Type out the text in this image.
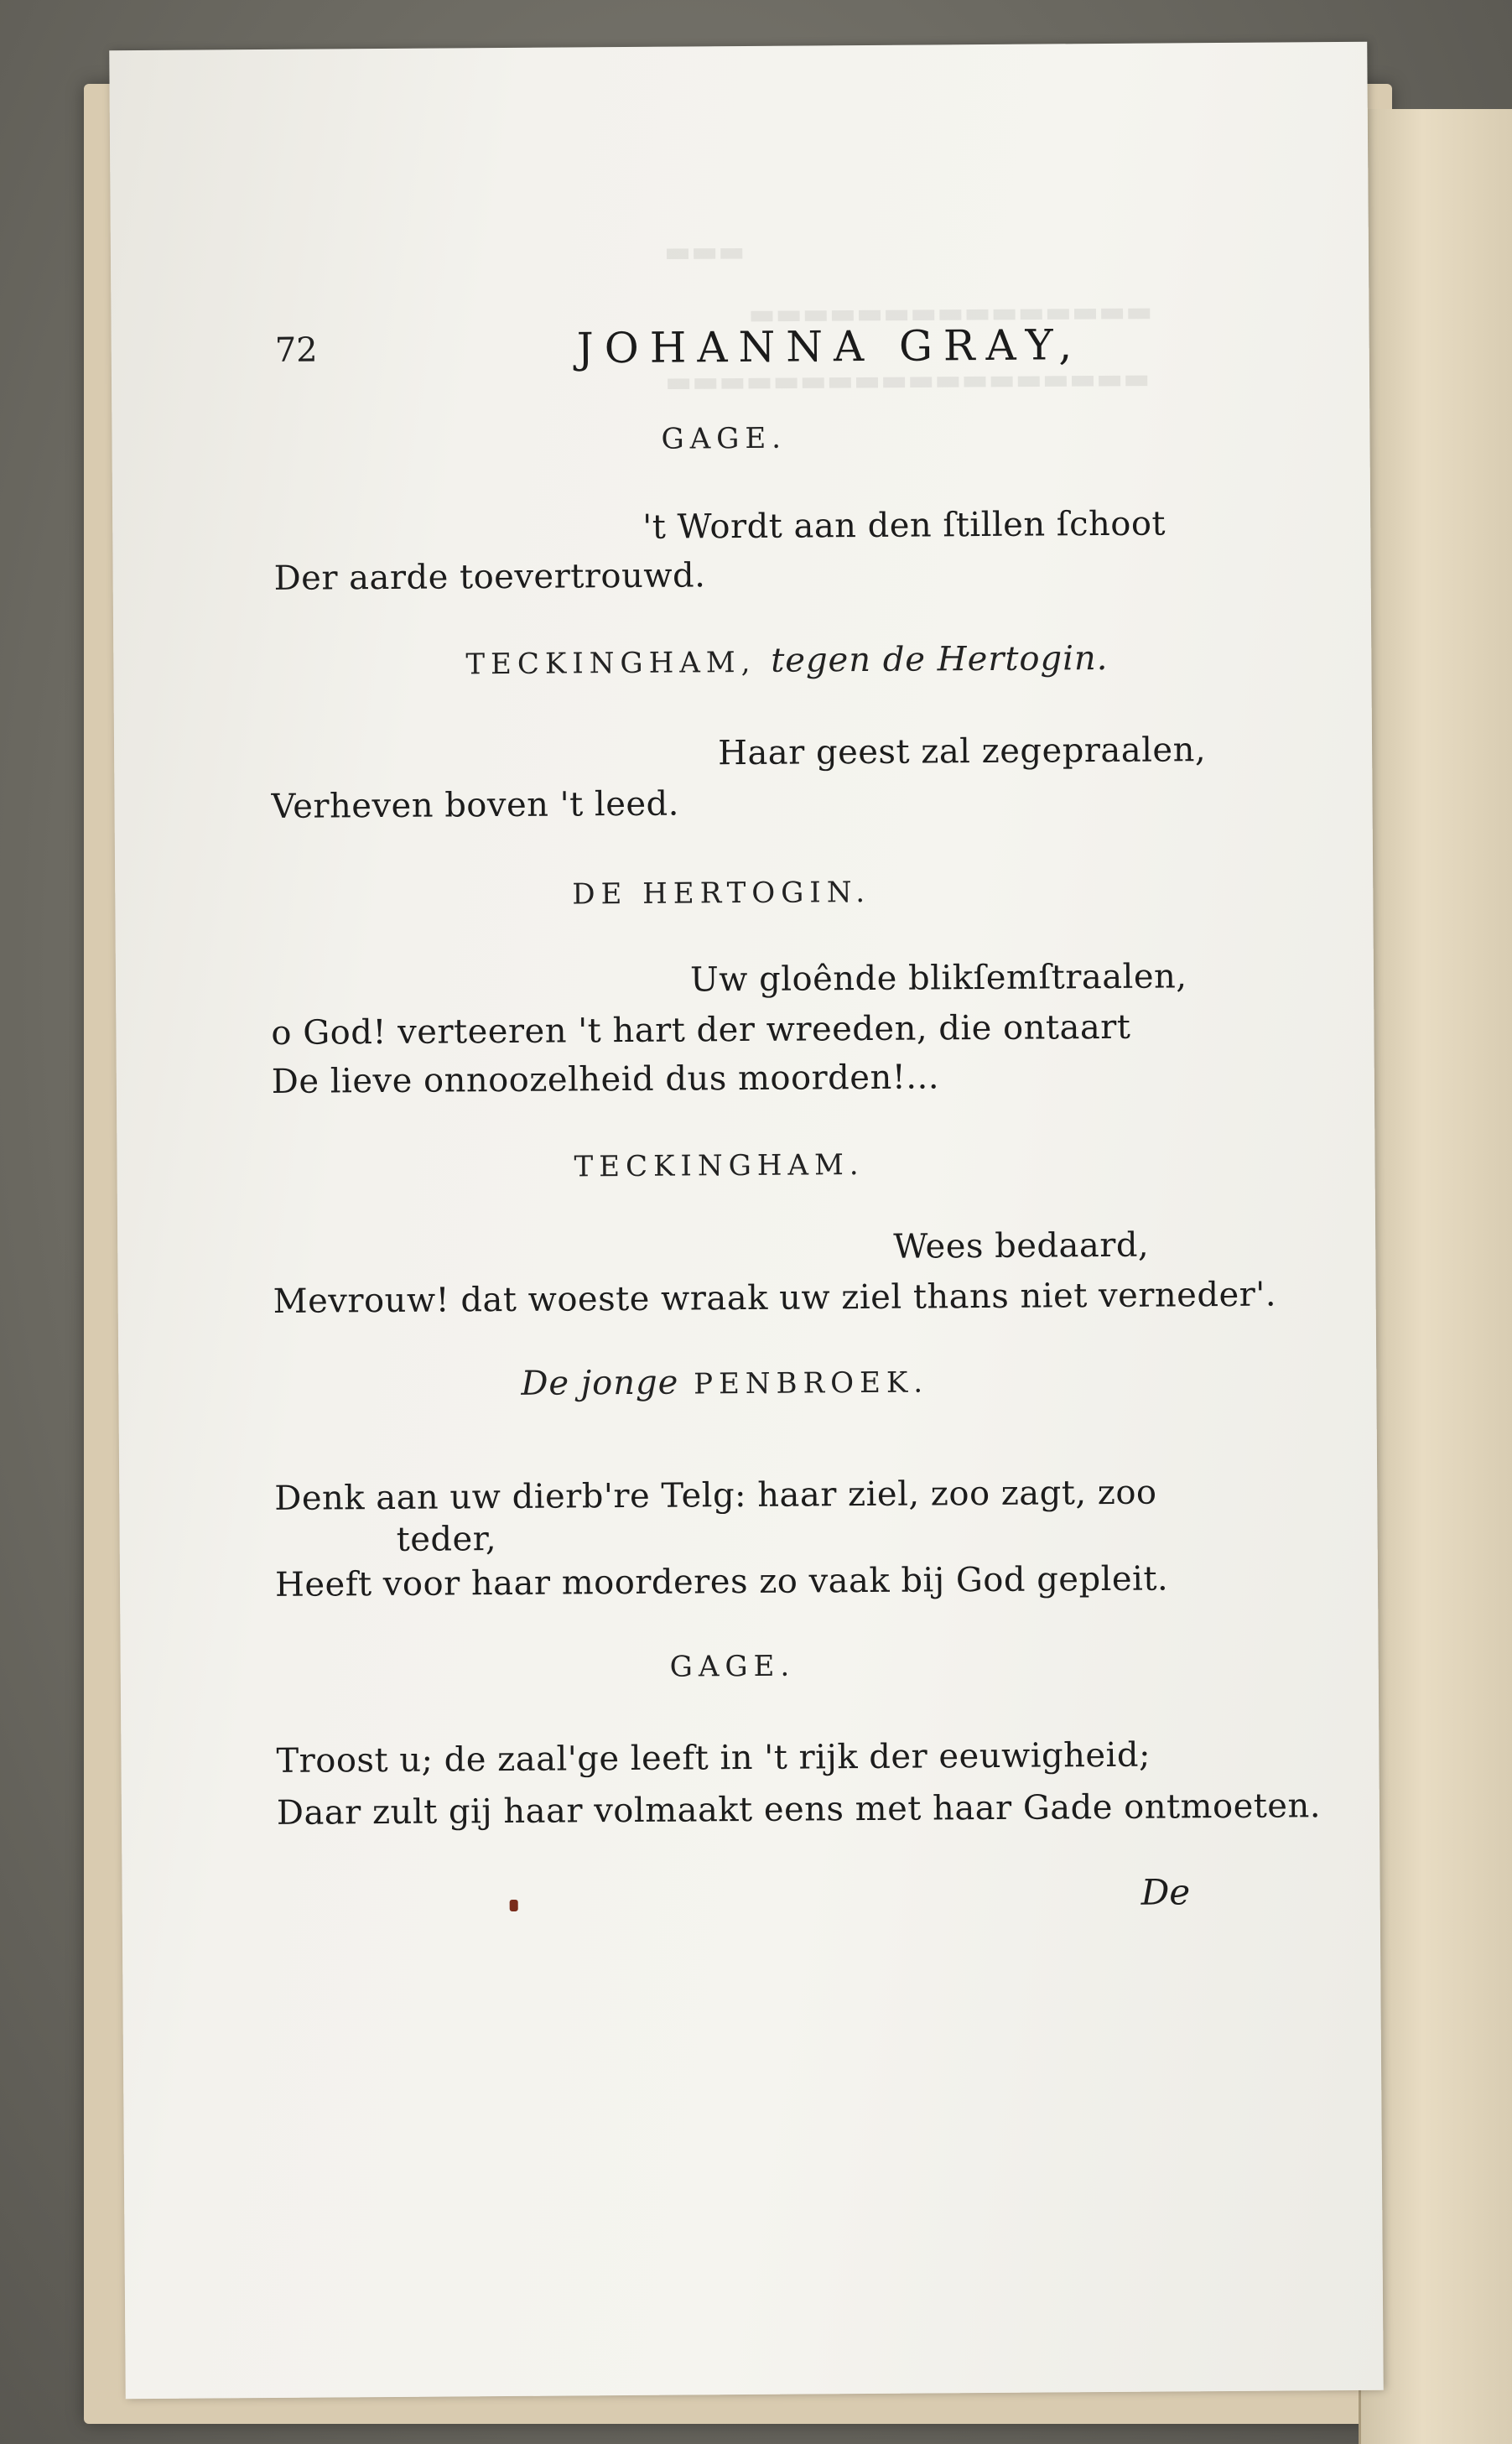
▬▬▬
▬▬▬▬▬▬▬▬▬▬▬▬▬▬▬
▬▬▬▬▬▬▬▬▬▬▬▬▬▬▬▬▬▬
72	JOHANNA GRAY,
GAGE.
't Wordt aan den ſtillen ſchoot
Der aarde toevertrouwd.
TECKINGHAM, tegen de Hertogin.
Haar geest zal zegepraalen,
Verheven boven 't leed.
DE HERTOGIN.
Uw gloênde blikſemſtraalen,
o God! verteeren 't hart der wreeden, die ontaart
De lieve onnoozelheid dus moorden!...
TECKINGHAM.
Wees bedaard,
Mevrouw! dat woeste wraak uw ziel thans niet verneder'.
De jonge PENBROEK.
Denk aan uw dierb're Telg: haar ziel, zoo zagt, zoo
teder,
Heeft voor haar moorderes zo vaak bij God gepleit.
GAGE.
Troost u; de zaal'ge leeft in 't rijk der eeuwigheid;
Daar zult gij haar volmaakt eens met haar Gade ontmoeten.
De
